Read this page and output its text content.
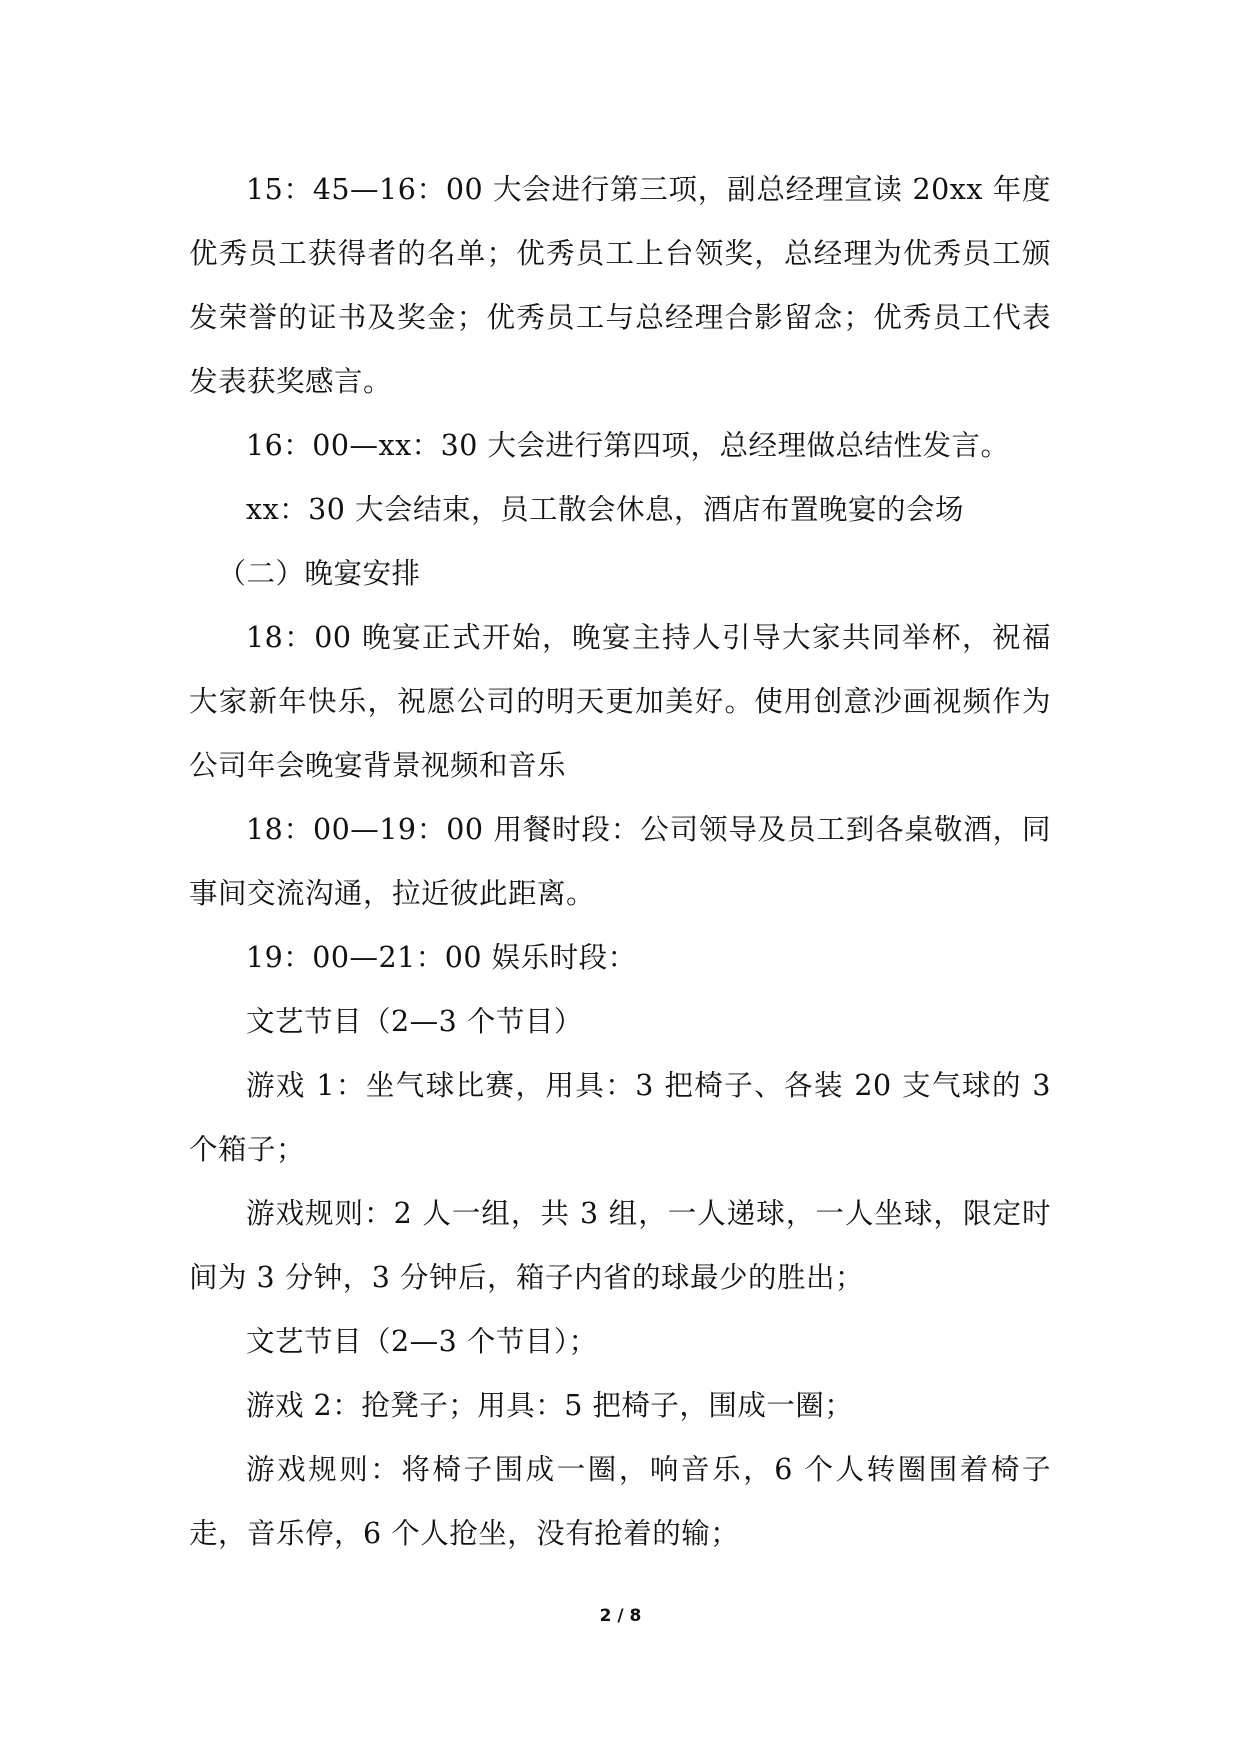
15：45—16：00 大会进行第三项，副总经理宣读 20xx 年度优秀员工获得者的名单；优秀员工上台领奖，总经理为优秀员工颁发荣誉的证书及奖金；优秀员工与总经理合影留念；优秀员工代表发表获奖感言。

16：00—xx：30 大会进行第四项，总经理做总结性发言。

xx：30 大会结束，员工散会休息，酒店布置晚宴的会场

（二）晚宴安排

18：00 晚宴正式开始，晚宴主持人引导大家共同举杯，祝福大家新年快乐，祝愿公司的明天更加美好。使用创意沙画视频作为公司年会晚宴背景视频和音乐

18：00—19：00 用餐时段：公司领导及员工到各桌敬酒，同事间交流沟通，拉近彼此距离。

19：00—21：00 娱乐时段：

文艺节目（2—3 个节目）

游戏 1：坐气球比赛，用具：3 把椅子、各装 20 支气球的 3 个箱子；

游戏规则：2 人一组，共 3 组，一人递球，一人坐球，限定时间为 3 分钟，3 分钟后，箱子内省的球最少的胜出；

文艺节目（2—3 个节目）；

游戏 2：抢凳子；用具：5 把椅子，围成一圈；

游戏规则：将椅子围成一圈，响音乐，6 个人转圈围着椅子走，音乐停，6 个人抢坐，没有抢着的输；

2 / 8
